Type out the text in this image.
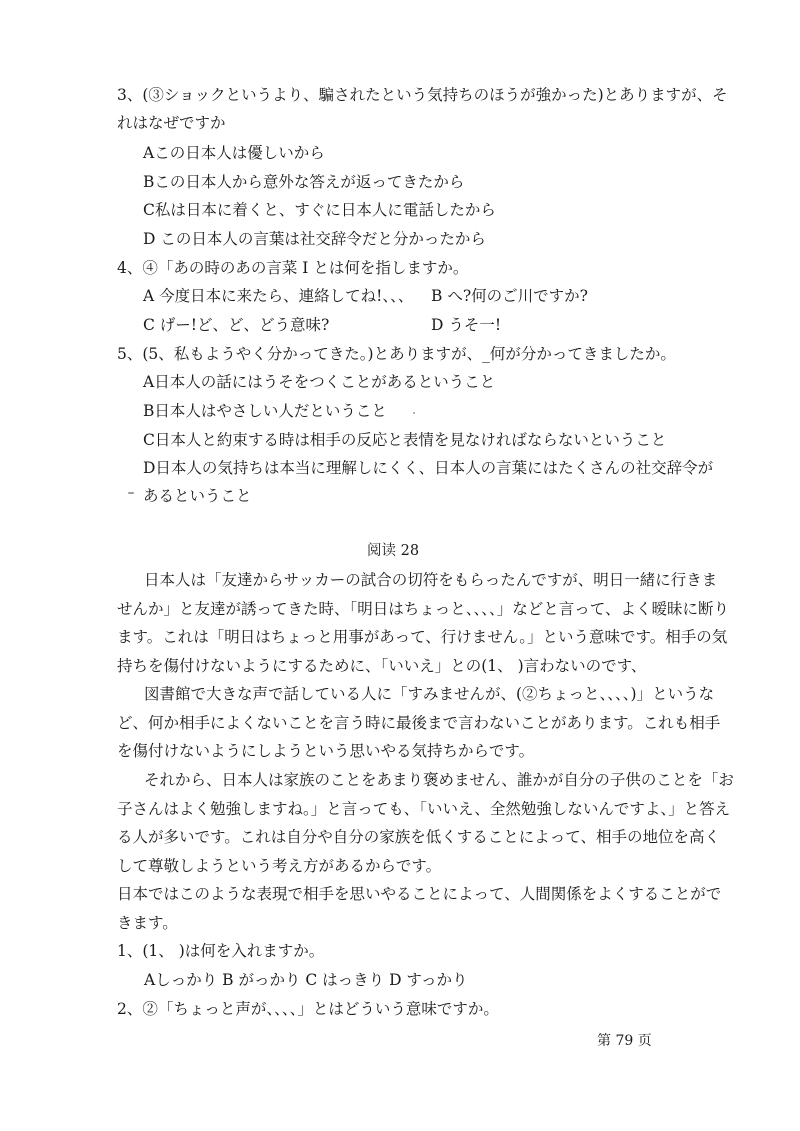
3、(③ショックというより、騙されたという気持ちのほうが強かった)とありますが、そ
れはなぜですか
Aこの日本人は優しいから
Bこの日本人から意外な答えが返ってきたから
C私は日本に着くと、すぐに日本人に電話したから
D この日本人の言葉は社交辞令だと分かったから
4、④「あの時のあの言菜 I とは何を指しますか。
A 今度日本に来たら、連絡してね!、、、 B へ?何のご川ですか?
C げー!ど、ど、どう意味?	D うそ一!
5、(5、私もようやく分かってきた。)とありますが、_何が分かってきましたか。
A日本人の話にはうそをつくことがあるということ
B日本人はやさしい人だということ
C日本人と約束する時は相手の反応と表情を見なければならないということ
D日本人の気持ちは本当に理解しにくく、日本人の言葉にはたくさんの社交辞令が
あるということ
阅读 28
日本人は「友達からサッカーの試合の切符をもらったんですが、明日一緒に行きま
せんか」と友達が誘ってきた時、「明日はちょっと、、、、」などと言って、よく暧昧に断り
ます。これは「明日はちょっと用事があって、行けません。」という意味です。相手の気
持ちを傷付けないようにするために、「いいえ」との(1、 )言わないのです、
図書館で大きな声で話している人に「すみませんが、(②ちょっと、、、、)」というな
ど、何か相手によくないことを言う時に最後まで言わないことがあります。これも相手
を傷付けないようにしようという思いやる気持ちからです。
それから、日本人は家族のことをあまり褒めません、誰かが自分の子供のことを「お
子さんはよく勉強しますね。」と言っても、「いいえ、全然勉強しないんですよ、」と答え
る人が多いです。これは自分や自分の家族を低くすることによって、相手の地位を高く
して尊敬しようという考え方があるからです。
日本ではこのような表現で相手を思いやることによって、人間関係をよくすることがで
きます。
1、(1、 )は何を入れますか。
Aしっかり B がっかり C はっきり D すっかり
2、②「ちょっと声が、、、、」とはどういう意味ですか。
第 79 页
